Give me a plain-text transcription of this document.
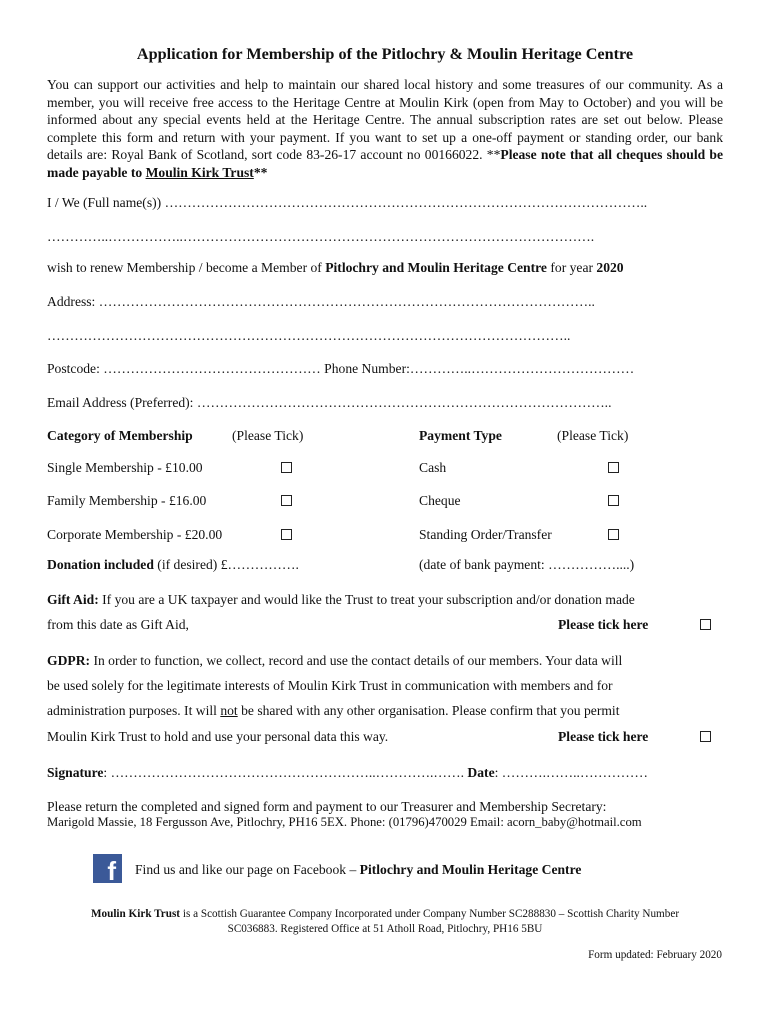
Application for Membership of the Pitlochry & Moulin Heritage Centre
You can support our activities and help to maintain our shared local history and some treasures of our community. As a member, you will receive free access to the Heritage Centre at Moulin Kirk (open from May to October) and you will be informed about any special events held at the Heritage Centre. The annual subscription rates are set out below. Please complete this form and return with your payment. If you want to set up a one-off payment or standing order, our bank details are: Royal Bank of Scotland, sort code 83-26-17 account no 00166022. **Please note that all cheques should be made payable to Moulin Kirk Trust**
I / We (Full name(s)) ……………………………………………………………………………………………..
…………..……………..……………………………………………………………………………….
wish to renew Membership / become a Member of Pitlochry and Moulin Heritage Centre for year 2020
Address: ………………………………………………………………………………………………..
……………………………………………………………………………………………………..
Postcode: ………………………………………… Phone Number:…………..………………………………
Email Address (Preferred): ………………………………………………………………………………..
Category of Membership	(Please Tick)	Payment Type	(Please Tick)
Single Membership - £10.00	Cash
Family Membership - £16.00	Cheque
Corporate Membership - £20.00	Standing Order/Transfer
Donation included (if desired) £…………….	(date of bank payment: ……………....)
Gift Aid: If you are a UK taxpayer and would like the Trust to treat your subscription and/or donation made
from this date as Gift Aid,	Please tick here
GDPR: In order to function, we collect, record and use the contact details of our members. Your data will
be used solely for the legitimate interests of Moulin Kirk Trust in communication with members and for
administration purposes. It will not be shared with any other organisation. Please confirm that you permit
Moulin Kirk Trust to hold and use your personal data this way.	Please tick here
Signature: …………………………………………………..………….……. Date: ……….……..……………
Please return the completed and signed form and payment to our Treasurer and Membership Secretary:
Marigold Massie, 18 Fergusson Ave, Pitlochry, PH16 5EX. Phone: (01796)470029 Email: acorn_baby@hotmail.com
f	Find us and like our page on Facebook – Pitlochry and Moulin Heritage Centre
Moulin Kirk Trust is a Scottish Guarantee Company Incorporated under Company Number SC288830 – Scottish Charity Number SC036883. Registered Office at 51 Atholl Road, Pitlochry, PH16 5BU
Form updated: February 2020
